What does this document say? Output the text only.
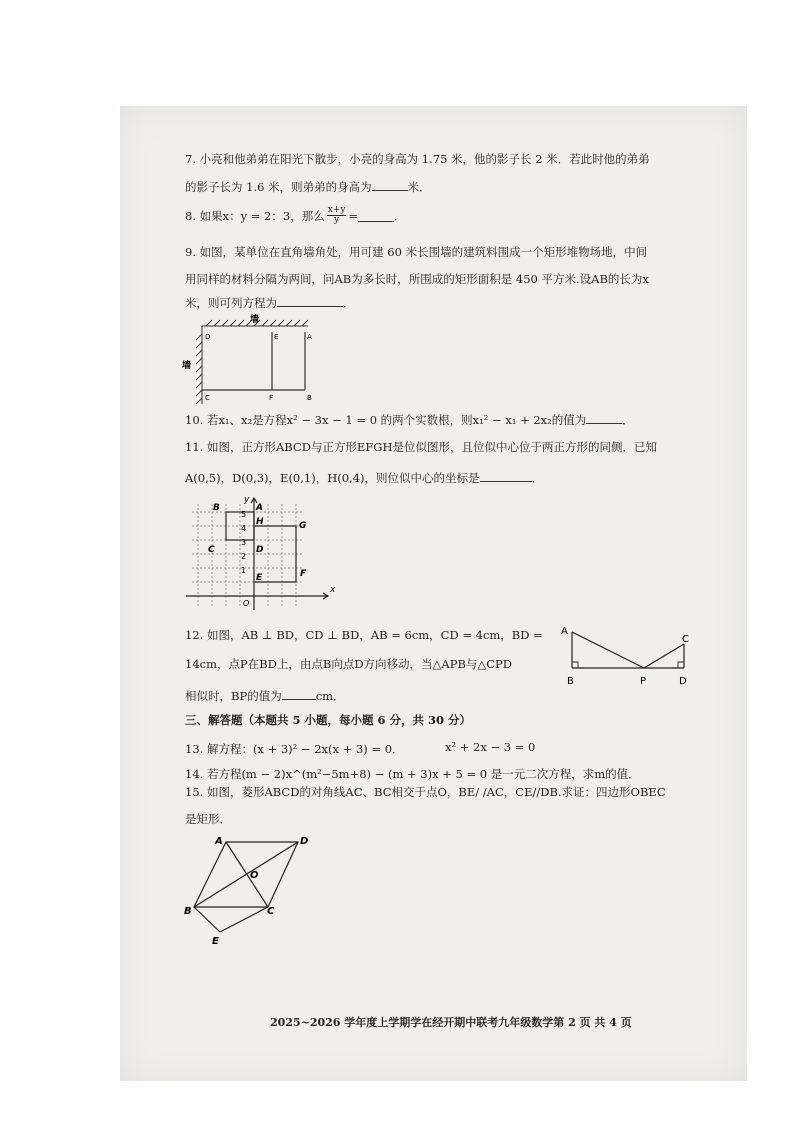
7. 小亮和他弟弟在阳光下散步，小亮的身高为 1.75 米，他的影子长 2 米．若此时他的弟弟
的影子长为 1.6 米，则弟弟的身高为	米．
8. 如果x：y = 2：3，那么 $\frac{x+y}{y}$ =	．
9. 如图，某单位在直角墙角处，用可建 60 米长围墙的建筑料围成一个矩形堆物场地，中间
用同样的材料分隔为两间，问AB为多长时，所围成的矩形面积是 450 平方米.设AB的长为x
米，则可列方程为	．
墙
墙
D	E	A
C	F	B
10. 若x₁、x₂是方程x² − 3x − 1 = 0 的两个实数根，则x₁² − x₁ + 2x₂的值为	．
11. 如图，正方形ABCD与正方形EFGH是位似图形，且位似中心位于两正方形的同侧．已知
A(0,5)，D(0,3)，E(0,1)，H(0,4)，则位似中心的坐标是	．
y
x
O
5
4
3
2
1
B	A
H	G
C	D
E	F
12. 如图，AB ⊥ BD，CD ⊥ BD，AB = 6cm，CD = 4cm，BD =
14cm，点P在BD上，由点B向点D方向移动，当△APB与△CPD
相似时，BP的值为	cm．
A
B	P
C
D
三、解答题（本题共 5 小题，每小题 6 分，共 30 分）
13. 解方程：(x + 3)² − 2x(x + 3) = 0．	x² + 2x − 3 = 0
14. 若方程(m − 2)x^(m²−5m+8) − (m + 3)x + 5 = 0 是一元二次方程，求m的值．
15. 如图，菱形ABCD的对角线AC、BC相交于点O，BE/ /AC，CE//DB.求证：四边形OBEC
是矩形．
A	D
O
B	C
E
2025~2026 学年度上学期学在经开期中联考九年级数学第 2 页 共 4 页
